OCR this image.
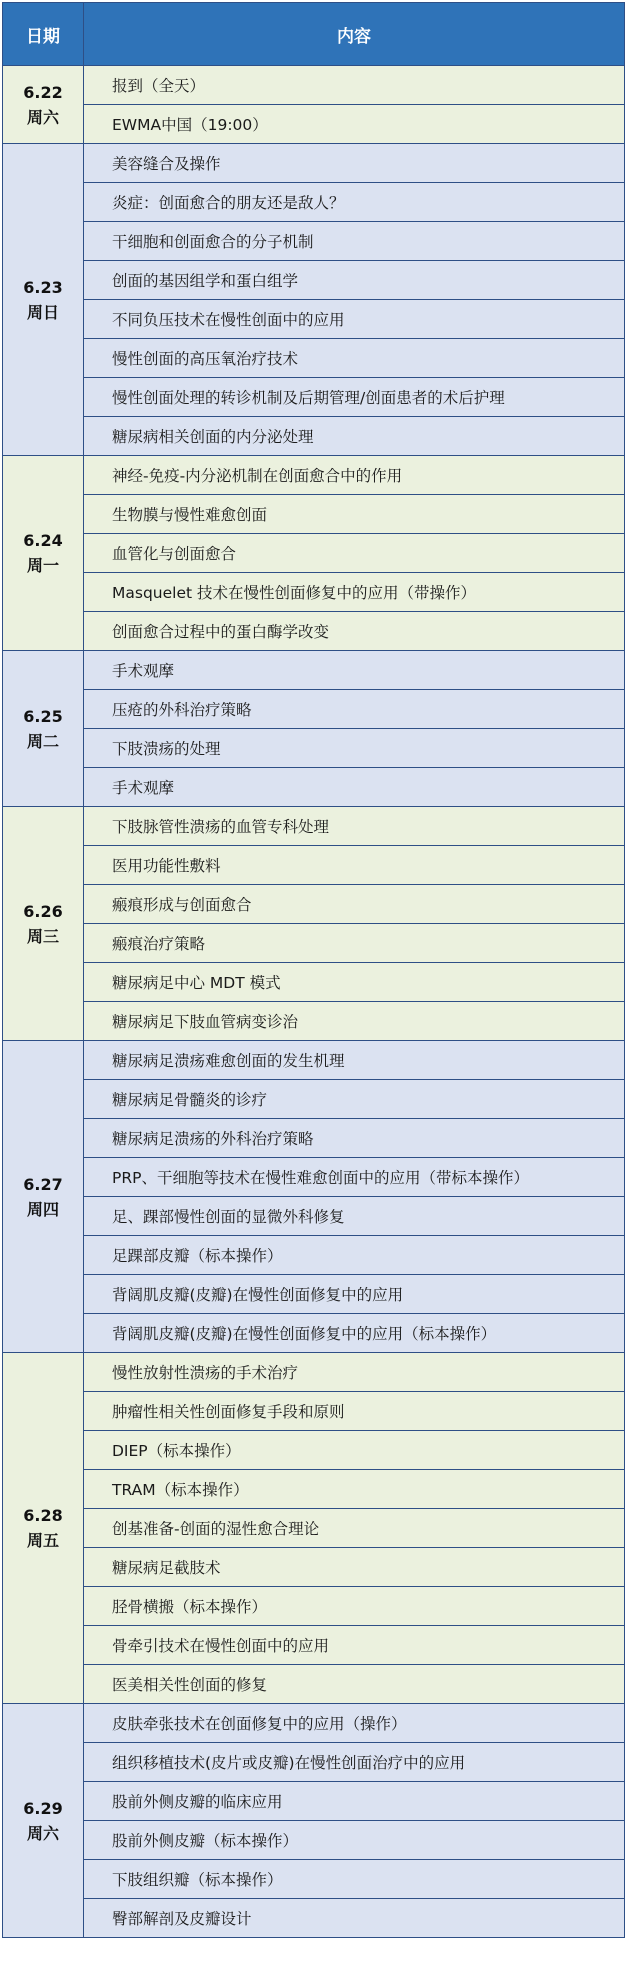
日期	内容

6.22
周六	报到（全天）
	EWMA中国（19:00）

6.23
周日	美容缝合及操作
	炎症：创面愈合的朋友还是敌人？
	干细胞和创面愈合的分子机制
	创面的基因组学和蛋白组学
	不同负压技术在慢性创面中的应用
	慢性创面的高压氧治疗技术
	慢性创面处理的转诊机制及后期管理/创面患者的术后护理
	糖尿病相关创面的内分泌处理

6.24
周一	神经-免疫-内分泌机制在创面愈合中的作用
	生物膜与慢性难愈创面
	血管化与创面愈合
	Masquelet 技术在慢性创面修复中的应用（带操作）
	创面愈合过程中的蛋白酶学改变

6.25
周二	手术观摩
	压疮的外科治疗策略
	下肢溃疡的处理
	手术观摩

6.26
周三	下肢脉管性溃疡的血管专科处理
	医用功能性敷料
	瘢痕形成与创面愈合
	瘢痕治疗策略
	糖尿病足中心 MDT 模式
	糖尿病足下肢血管病变诊治

6.27
周四	糖尿病足溃疡难愈创面的发生机理
	糖尿病足骨髓炎的诊疗
	糖尿病足溃疡的外科治疗策略
	PRP、干细胞等技术在慢性难愈创面中的应用（带标本操作）
	足、踝部慢性创面的显微外科修复
	足踝部皮瓣（标本操作）
	背阔肌皮瓣(皮瓣)在慢性创面修复中的应用
	背阔肌皮瓣(皮瓣)在慢性创面修复中的应用（标本操作）

6.28
周五	慢性放射性溃疡的手术治疗
	肿瘤性相关性创面修复手段和原则
	DIEP（标本操作）
	TRAM（标本操作）
	创基准备-创面的湿性愈合理论
	糖尿病足截肢术
	胫骨横搬（标本操作）
	骨牵引技术在慢性创面中的应用
	医美相关性创面的修复

6.29
周六	皮肤牵张技术在创面修复中的应用（操作）
	组织移植技术(皮片或皮瓣)在慢性创面治疗中的应用
	股前外侧皮瓣的临床应用
	股前外侧皮瓣（标本操作）
	下肢组织瓣（标本操作）
	臀部解剖及皮瓣设计
